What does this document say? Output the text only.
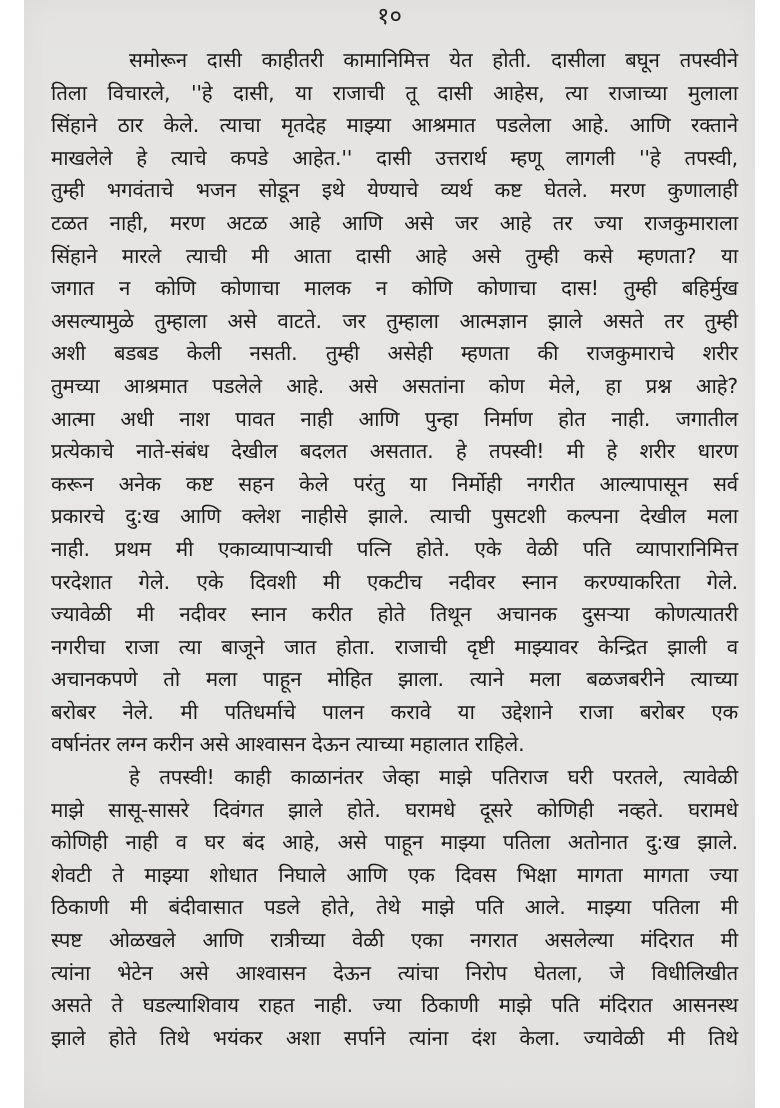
१०
समोरून दासी काहीतरी कामानिमित्त येत होती. दासीला बघून तपस्वीने
तिला विचारले, ''हे दासी, या राजाची तू दासी आहेस, त्या राजाच्या मुलाला
सिंहाने ठार केले. त्याचा मृतदेह माझ्या आश्रमात पडलेला आहे. आणि रक्ताने
माखलेले हे त्याचे कपडे आहेत.'' दासी उत्तरार्थ म्हणू लागली ''हे तपस्वी,
तुम्ही भगवंताचे भजन सोडून इथे येण्याचे व्यर्थ कष्ट घेतले. मरण कुणालाही
टळत नाही, मरण अटळ आहे आणि असे जर आहे तर ज्या राजकुमाराला
सिंहाने मारले त्याची मी आता दासी आहे असे तुम्ही कसे म्हणता? या
जगात न कोणि कोणाचा मालक न कोणि कोणाचा दास! तुम्ही बहिर्मुख
असल्यामुळे तुम्हाला असे वाटते. जर तुम्हाला आत्मज्ञान झाले असते तर तुम्ही
अशी बडबड केली नसती. तुम्ही असेही म्हणता की राजकुमाराचे शरीर
तुमच्या आश्रमात पडलेले आहे. असे असतांना कोण मेले, हा प्रश्न आहे?
आत्मा अधी नाश पावत नाही आणि पुन्हा निर्माण होत नाही. जगातील
प्रत्येकाचे नाते-संबंध देखील बदलत असतात. हे तपस्वी! मी हे शरीर धारण
करून अनेक कष्ट सहन केले परंतु या निर्मोही नगरीत आल्यापासून सर्व
प्रकारचे दु:ख आणि क्लेश नाहीसे झाले. त्याची पुसटशी कल्पना देखील मला
नाही. प्रथम मी एकाव्यापाऱ्याची पत्नि होते. एके वेळी पति व्यापारानिमित्त
परदेशात गेले. एके दिवशी मी एकटीच नदीवर स्नान करण्याकरिता गेले.
ज्यावेळी मी नदीवर स्नान करीत होते तिथून अचानक दुसऱ्या कोणत्यातरी
नगरीचा राजा त्या बाजूने जात होता. राजाची दृष्टी माझ्यावर केन्द्रित झाली व
अचानकपणे तो मला पाहून मोहित झाला. त्याने मला बळजबरीने त्याच्या
बरोबर नेले. मी पतिधर्माचे पालन करावे या उद्देशाने राजा बरोबर एक
वर्षानंतर लग्न करीन असे आश्वासन देऊन त्याच्या महालात राहिले.
हे तपस्वी! काही काळानंतर जेव्हा माझे पतिराज घरी परतले, त्यावेळी
माझे सासू-सासरे दिवंगत झाले होते. घरामधे दूसरे कोणिही नव्हते. घरामधे
कोणिही नाही व घर बंद आहे, असे पाहून माझ्या पतिला अतोनात दु:ख झाले.
शेवटी ते माझ्या शोधात निघाले आणि एक दिवस भिक्षा मागता मागता ज्या
ठिकाणी मी बंदीवासात पडले होते, तेथे माझे पति आले. माझ्या पतिला मी
स्पष्ट ओळखले आणि रात्रीच्या वेळी एका नगरात असलेल्या मंदिरात मी
त्यांना भेटेन असे आश्वासन देऊन त्यांचा निरोप घेतला, जे विधीलिखीत
असते ते घडल्याशिवाय राहत नाही. ज्या ठिकाणी माझे पति मंदिरात आसनस्थ
झाले होते तिथे भयंकर अशा सर्पाने त्यांना दंश केला. ज्यावेळी मी तिथे
